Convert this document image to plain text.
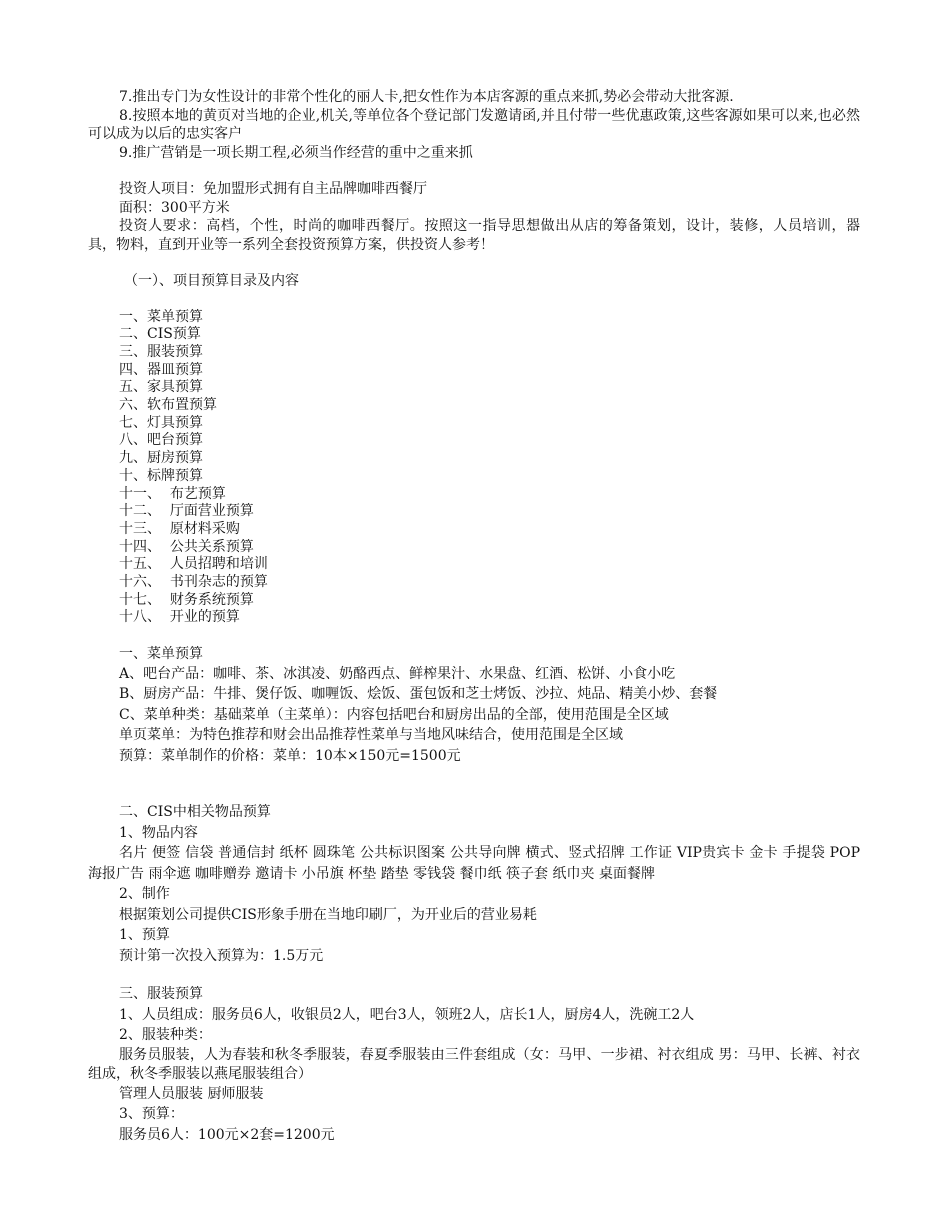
7.推出专门为女性设计的非常个性化的丽人卡,把女性作为本店客源的重点来抓,势必会带动大批客源.

8.按照本地的黄页对当地的企业,机关,等单位各个登记部门发邀请函,并且付带一些优惠政策,这些客源如果可以来,也必然可以成为以后的忠实客户

9.推广营销是一项长期工程,必须当作经营的重中之重来抓

投资人项目：免加盟形式拥有自主品牌咖啡西餐厅

面积：300平方米

投资人要求：高档，个性，时尚的咖啡西餐厅。按照这一指导思想做出从店的筹备策划，设计，装修，人员培训，器具，物料，直到开业等一系列全套投资预算方案，供投资人参考！

（一）、项目预算目录及内容

一、菜单预算

二、CIS预算

三、服装预算

四、器皿预算

五、家具预算

六、软布置预算

七、灯具预算

八、吧台预算

九、厨房预算

十、标牌预算

十一、  布艺预算

十二、  厅面营业预算

十三、  原材料采购

十四、  公共关系预算

十五、  人员招聘和培训

十六、  书刊杂志的预算

十七、  财务系统预算

十八、  开业的预算

一、菜单预算

A、吧台产品：咖啡、茶、冰淇凌、奶酪西点、鲜榨果汁、水果盘、红酒、松饼、小食小吃

B、厨房产品：牛排、煲仔饭、咖喱饭、烩饭、蛋包饭和芝士烤饭、沙拉、炖品、精美小炒、套餐

C、菜单种类：基础菜单（主菜单）：内容包括吧台和厨房出品的全部，使用范围是全区域

单页菜单：为特色推荐和财会出品推荐性菜单与当地风味结合，使用范围是全区域

预算：菜单制作的价格：菜单：10本×150元=1500元

二、CIS中相关物品预算

1、物品内容

名片 便签 信袋 普通信封 纸杯 圆珠笔 公共标识图案 公共导向牌 横式、竖式招牌 工作证 VIP贵宾卡 金卡 手提袋 POP海报广告 雨伞遮 咖啡赠券 邀请卡 小吊旗 杯垫 踏垫 零钱袋 餐巾纸 筷子套 纸巾夹 桌面餐牌

2、制作

根据策划公司提供CIS形象手册在当地印刷厂，为开业后的营业易耗

1、预算

预计第一次投入预算为：1.5万元

三、服装预算

1、人员组成：服务员6人，收银员2人，吧台3人，领班2人，店长1人，厨房4人，洗碗工2人

2、服装种类：

服务员服装，人为春装和秋冬季服装，春夏季服装由三件套组成（女：马甲、一步裙、衬衣组成 男：马甲、长裤、衬衣组成，秋冬季服装以燕尾服装组合）

管理人员服装 厨师服装

3、预算：

服务员6人：100元×2套=1200元
